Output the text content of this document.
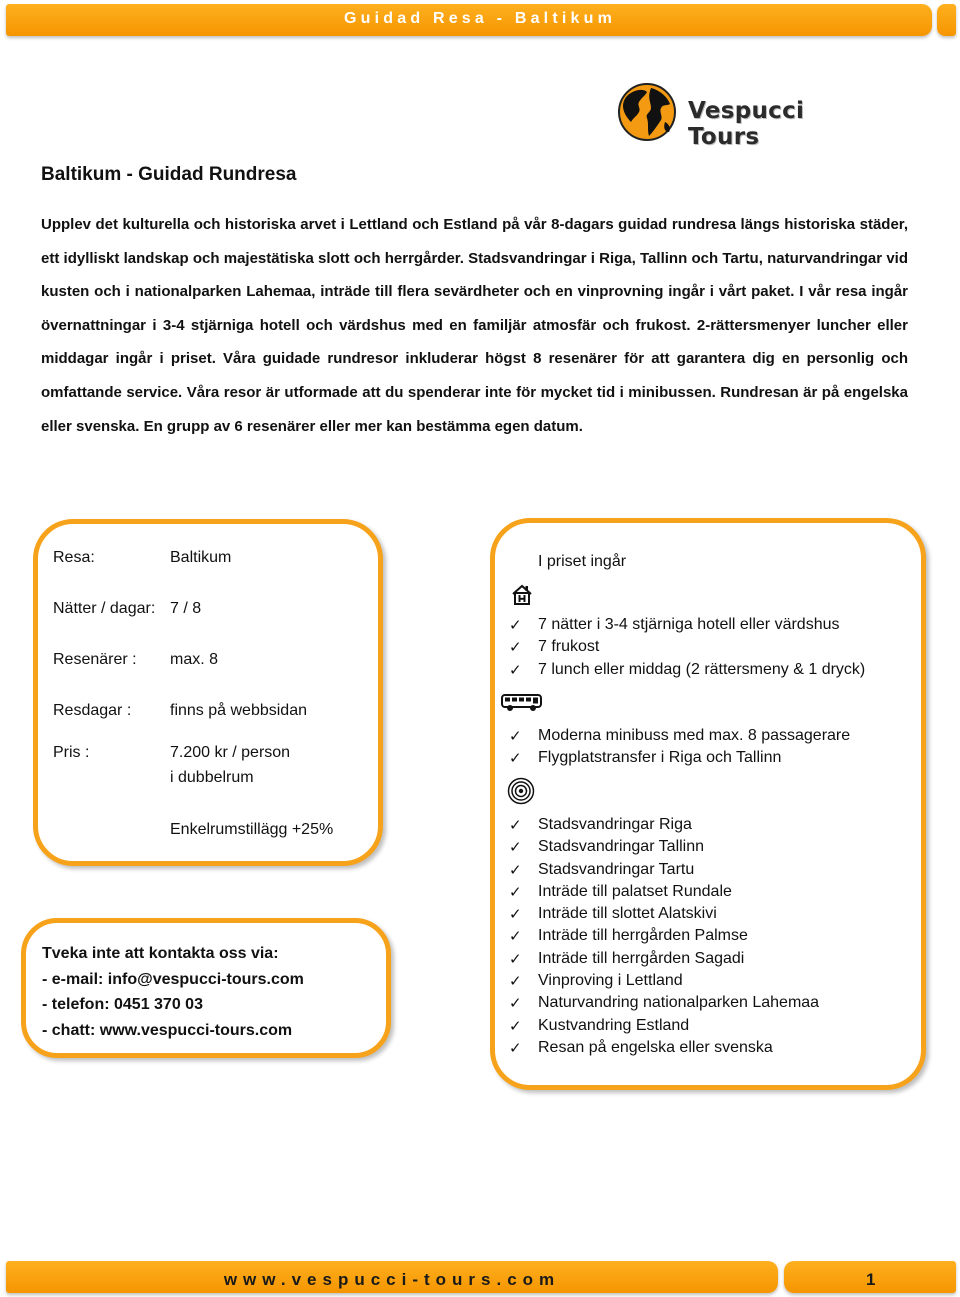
Guidad Resa - Baltikum
Vespucci Tours
Baltikum - Guidad Rundresa
Upplev det kulturella och historiska arvet i Lettland och Estland på vår 8-dagars guidad rundresa längs historiska städer, ett idylliskt landskap och majestätiska slott och herrgårder. Stadsvandringar i Riga, Tallinn och Tartu, naturvandringar vid kusten och i nationalparken Lahemaa, inträde till flera sevärdheter och en vinprovning ingår i vårt paket. I vår resa ingår övernattningar i 3-4 stjärniga hotell och värdshus med en familjär atmosfär och frukost. 2-rättersmenyer luncher eller middagar ingår i priset. Våra guidade rundresor inkluderar högst 8 resenärer för att garantera dig en personlig och omfattande service. Våra resor är utformade att du spenderar inte för mycket tid i minibussen. Rundresan är på engelska eller svenska. En grupp av 6 resenärer eller mer kan bestämma egen datum.
Resa:	Baltikum
Nätter / dagar: 7 / 8
Resenärer : max. 8
Resdagar : finns på webbsidan
Pris :	7.200 kr / person
i dubbelrum
Enkelrumstillägg +25%
Tveka inte att kontakta oss via:
- e-mail: info@vespucci-tours.com
- telefon: 0451 370 03
- chatt: www.vespucci-tours.com
I priset ingår
✓ 7 nätter i 3-4 stjärniga hotell eller värdshus
✓ 7 frukost
✓ 7 lunch eller middag (2 rättersmeny & 1 dryck)
✓ Moderna minibuss med max. 8 passagerare
✓ Flygplatstransfer i Riga och Tallinn
✓ Stadsvandringar Riga
✓ Stadsvandringar Tallinn
✓ Stadsvandringar Tartu
✓ Inträde till palatset Rundale
✓ Inträde till slottet Alatskivi
✓ Inträde till herrgården Palmse
✓ Inträde till herrgården Sagadi
✓ Vinproving i Lettland
✓ Naturvandring nationalparken Lahemaa
✓ Kustvandring Estland
✓ Resan på engelska eller svenska
www.vespucci-tours.com	1
